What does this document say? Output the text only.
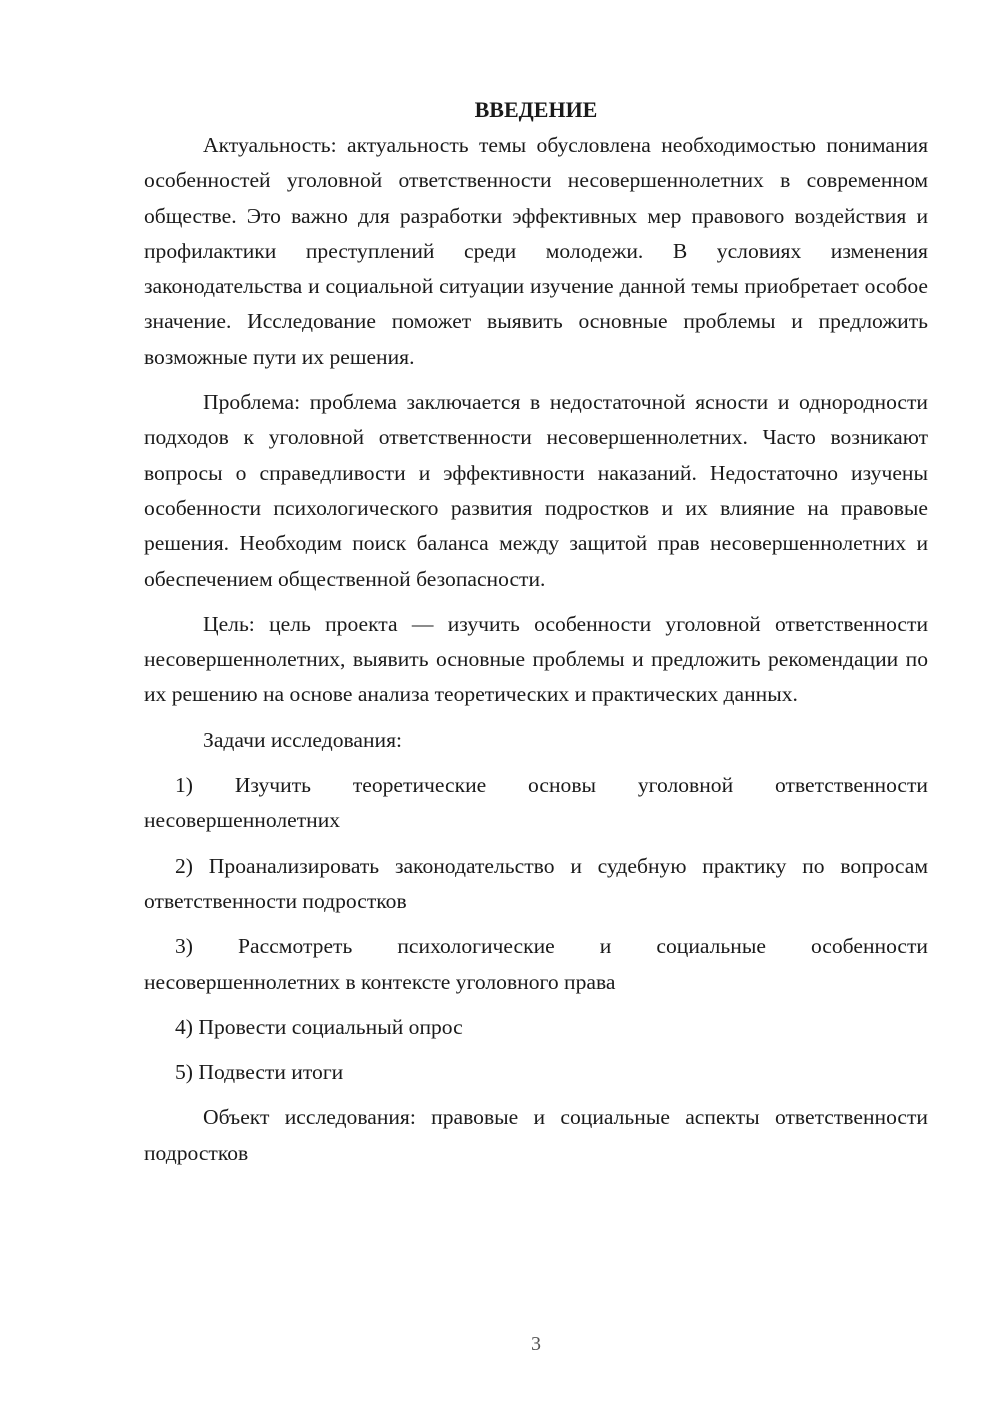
ВВЕДЕНИЕ

Актуальность: актуальность темы обусловлена необходимостью понимания особенностей уголовной ответственности несовершеннолетних в современном обществе. Это важно для разработки эффективных мер правового воздействия и профилактики преступлений среди молодежи. В условиях изменения законодательства и социальной ситуации изучение данной темы приобретает особое значение. Исследование поможет выявить основные проблемы и предложить возможные пути их решения.

Проблема: проблема заключается в недостаточной ясности и однородности подходов к уголовной ответственности несовершеннолетних. Часто возникают вопросы о справедливости и эффективности наказаний. Недостаточно изучены особенности психологического развития подростков и их влияние на правовые решения. Необходим поиск баланса между защитой прав несовершеннолетних и обеспечением общественной безопасности.

Цель: цель проекта — изучить особенности уголовной ответственности несовершеннолетних, выявить основные проблемы и предложить рекомендации по их решению на основе анализа теоретических и практических данных.

Задачи исследования:

1) Изучить теоретические основы уголовной ответственности несовершеннолетних

2) Проанализировать законодательство и судебную практику по вопросам ответственности подростков

3) Рассмотреть психологические и социальные особенности несовершеннолетних в контексте уголовного права

4) Провести социальный опрос

5) Подвести итоги

Объект исследования: правовые и социальные аспекты ответственности подростков

3
